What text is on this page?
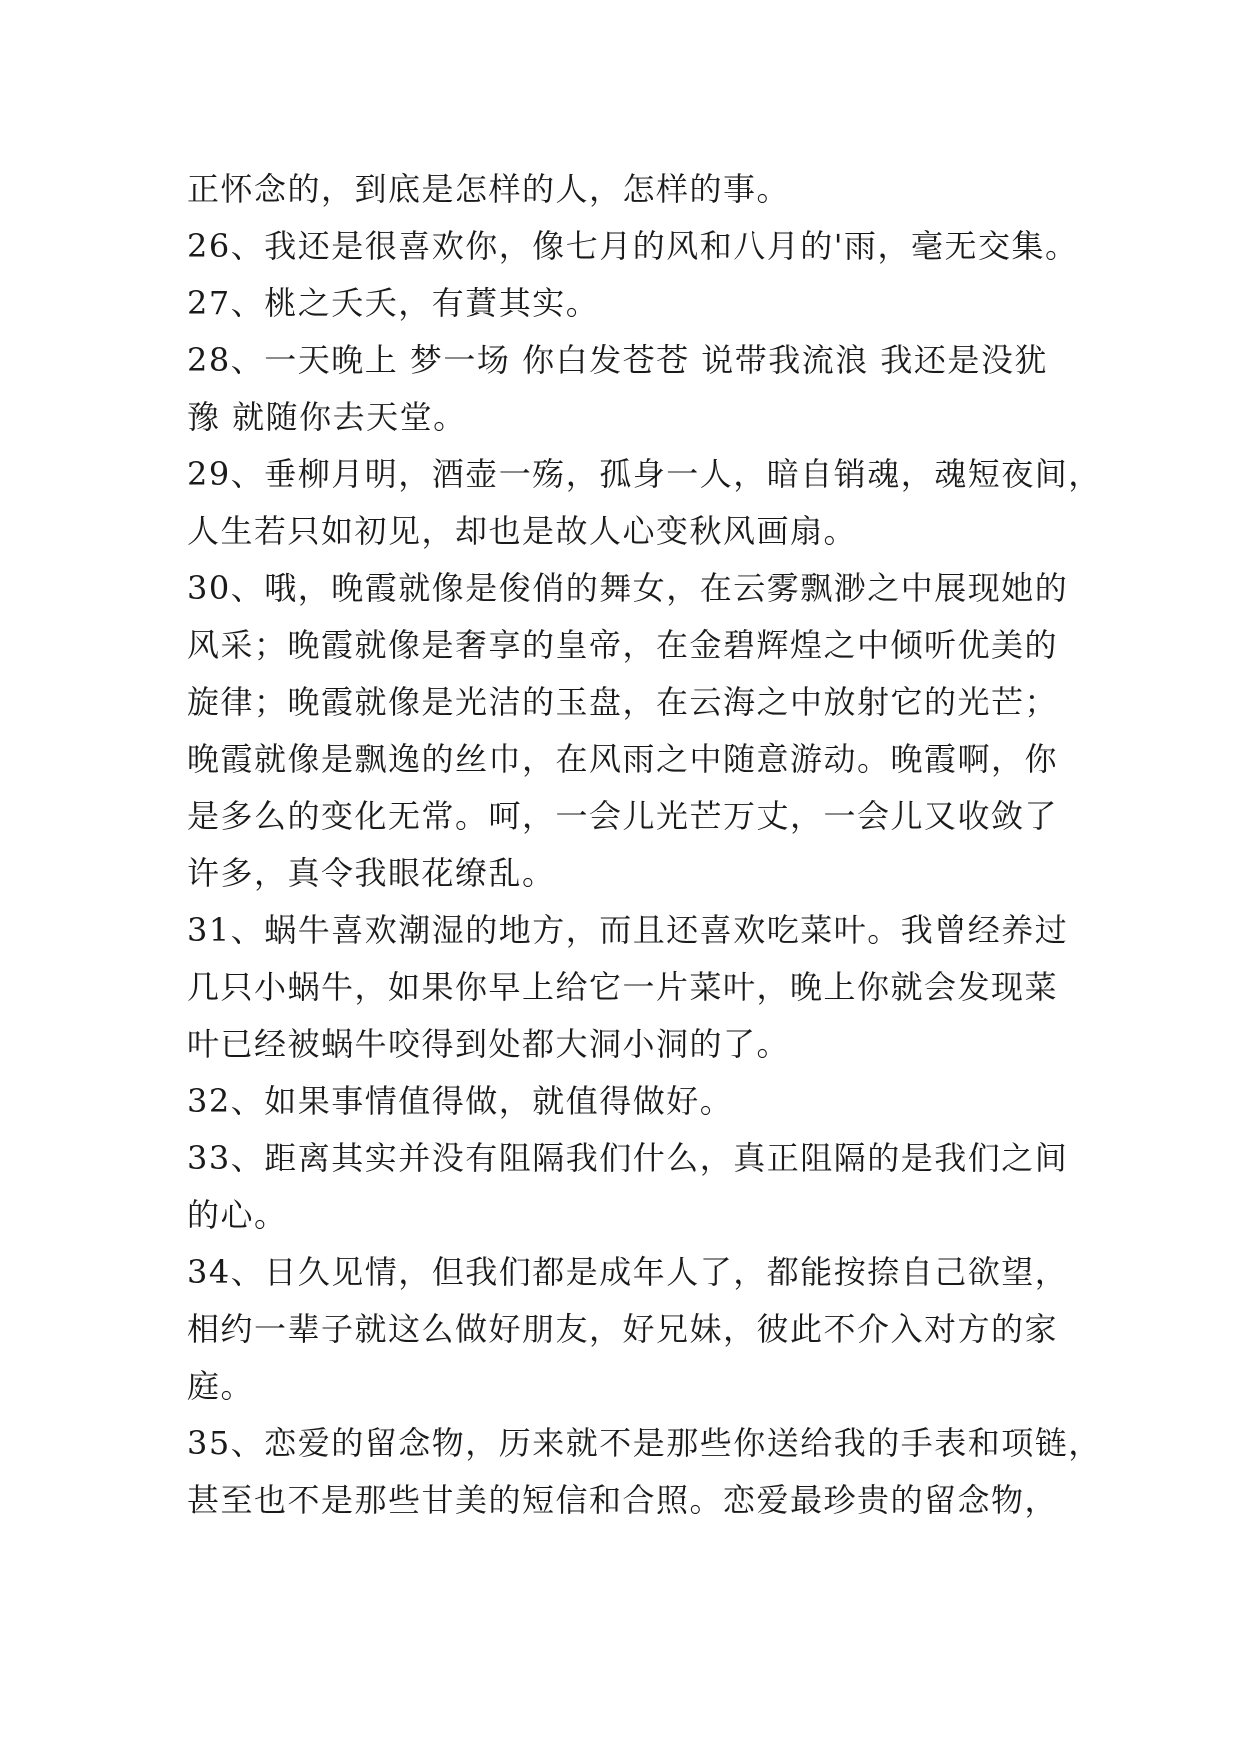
正怀念的，到底是怎样的人，怎样的事。
26、我还是很喜欢你，像七月的风和八月的'雨，毫无交集。
27、桃之夭夭，有蕡其实。
28、一天晚上 梦一场 你白发苍苍 说带我流浪 我还是没犹
豫 就随你去天堂。
29、垂柳月明，酒壶一殇，孤身一人，暗自销魂，魂短夜间，
人生若只如初见，却也是故人心变秋风画扇。
30、哦，晚霞就像是俊俏的舞女，在云雾飘渺之中展现她的
风采；晚霞就像是奢享的皇帝，在金碧辉煌之中倾听优美的
旋律；晚霞就像是光洁的玉盘，在云海之中放射它的光芒；
晚霞就像是飘逸的丝巾，在风雨之中随意游动。晚霞啊，你
是多么的变化无常。呵，一会儿光芒万丈，一会儿又收敛了
许多，真令我眼花缭乱。
31、蜗牛喜欢潮湿的地方，而且还喜欢吃菜叶。我曾经养过
几只小蜗牛，如果你早上给它一片菜叶，晚上你就会发现菜
叶已经被蜗牛咬得到处都大洞小洞的了。
32、如果事情值得做，就值得做好。
33、距离其实并没有阻隔我们什么，真正阻隔的是我们之间
的心。
34、日久见情，但我们都是成年人了，都能按捺自己欲望，
相约一辈子就这么做好朋友，好兄妹，彼此不介入对方的家
庭。
35、恋爱的留念物，历来就不是那些你送给我的手表和项链，
甚至也不是那些甘美的短信和合照。恋爱最珍贵的留念物，
